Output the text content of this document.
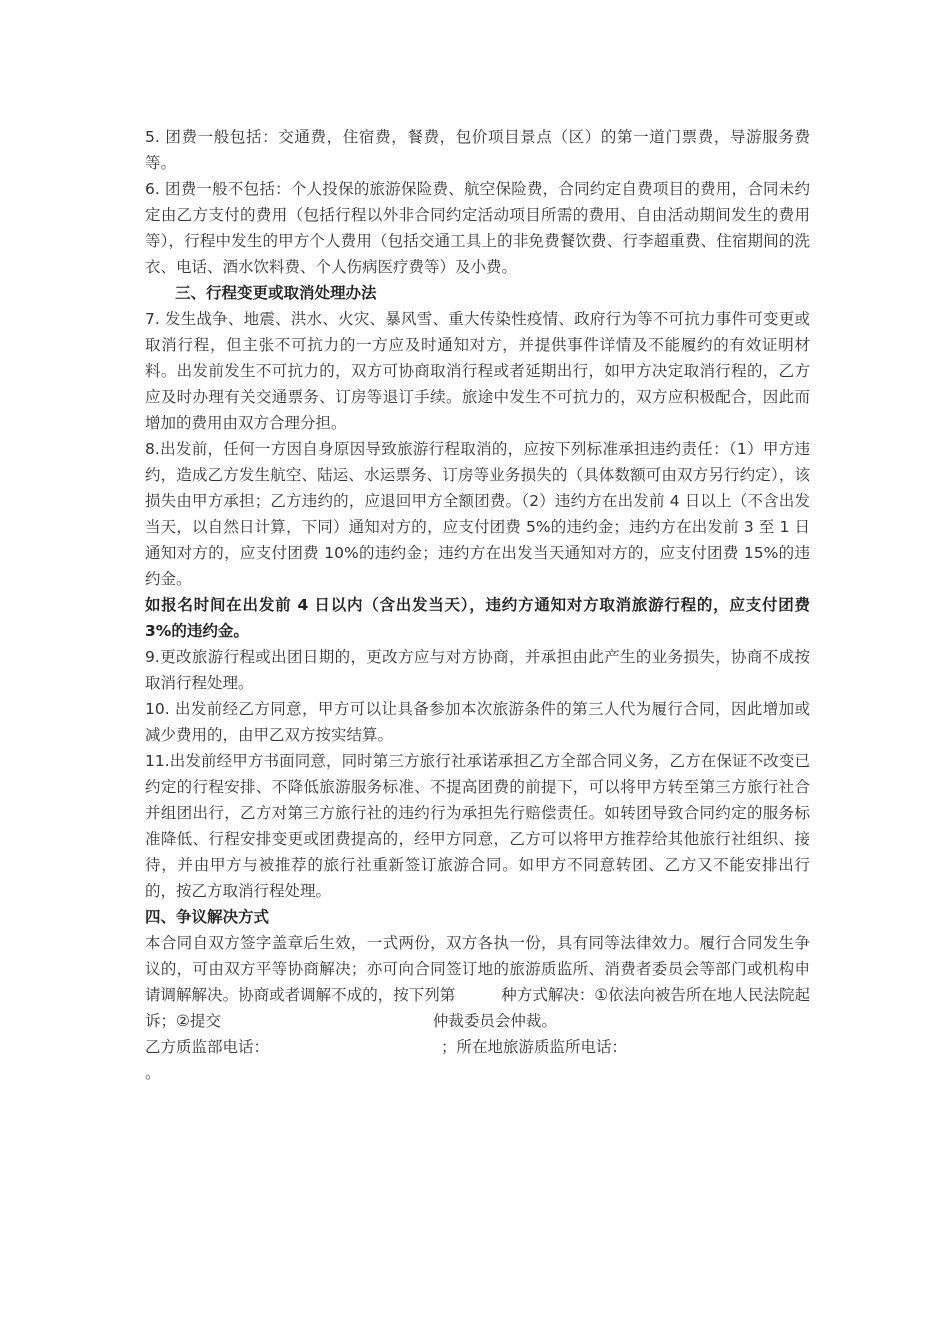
5. 团费一般包括：交通费，住宿费，餐费，包价项目景点（区）的第一道门票费，导游服务费等。

6. 团费一般不包括：个人投保的旅游保险费、航空保险费，合同约定自费项目的费用，合同未约定由乙方支付的费用（包括行程以外非合同约定活动项目所需的费用、自由活动期间发生的费用等），行程中发生的甲方个人费用（包括交通工具上的非免费餐饮费、行李超重费、住宿期间的洗衣、电话、酒水饮料费、个人伤病医疗费等）及小费。

三、行程变更或取消处理办法

7. 发生战争、地震、洪水、火灾、暴风雪、重大传染性疫情、政府行为等不可抗力事件可变更或取消行程，但主张不可抗力的一方应及时通知对方，并提供事件详情及不能履约的有效证明材料。出发前发生不可抗力的，双方可协商取消行程或者延期出行，如甲方决定取消行程的，乙方应及时办理有关交通票务、订房等退订手续。旅途中发生不可抗力的，双方应积极配合，因此而增加的费用由双方合理分担。

8.出发前，任何一方因自身原因导致旅游行程取消的，应按下列标准承担违约责任：（1）甲方违约，造成乙方发生航空、陆运、水运票务、订房等业务损失的（具体数额可由双方另行约定），该损失由甲方承担；乙方违约的，应退回甲方全额团费。（2）违约方在出发前 4 日以上（不含出发当天，以自然日计算，下同）通知对方的，应支付团费 5%的违约金；违约方在出发前 3 至 1 日通知对方的，应支付团费 10%的违约金；违约方在出发当天通知对方的，应支付团费 15%的违约金。

如报名时间在出发前 4 日以内（含出发当天），违约方通知对方取消旅游行程的，应支付团费 3%的违约金。

9.更改旅游行程或出团日期的，更改方应与对方协商，并承担由此产生的业务损失，协商不成按取消行程处理。

10. 出发前经乙方同意，甲方可以让具备参加本次旅游条件的第三人代为履行合同，因此增加或减少费用的，由甲乙双方按实结算。

11.出发前经甲方书面同意，同时第三方旅行社承诺承担乙方全部合同义务，乙方在保证不改变已约定的行程安排、不降低旅游服务标准、不提高团费的前提下，可以将甲方转至第三方旅行社合并组团出行，乙方对第三方旅行社的违约行为承担先行赔偿责任。如转团导致合同约定的服务标准降低、行程安排变更或团费提高的，经甲方同意，乙方可以将甲方推荐给其他旅行社组织、接待，并由甲方与被推荐的旅行社重新签订旅游合同。如甲方不同意转团、乙方又不能安排出行的，按乙方取消行程处理。

四、争议解决方式

本合同自双方签字盖章后生效，一式两份，双方各执一份，具有同等法律效力。履行合同发生争议的，可由双方平等协商解决；亦可向合同签订地的旅游质监所、消费者委员会等部门或机构申请调解解决。协商或者调解不成的，按下列第	种方式解决：①依法向被告所在地人民法院起诉；②提交	仲裁委员会仲裁。

乙方质监部电话：	；所在地旅游质监所电话：

。
